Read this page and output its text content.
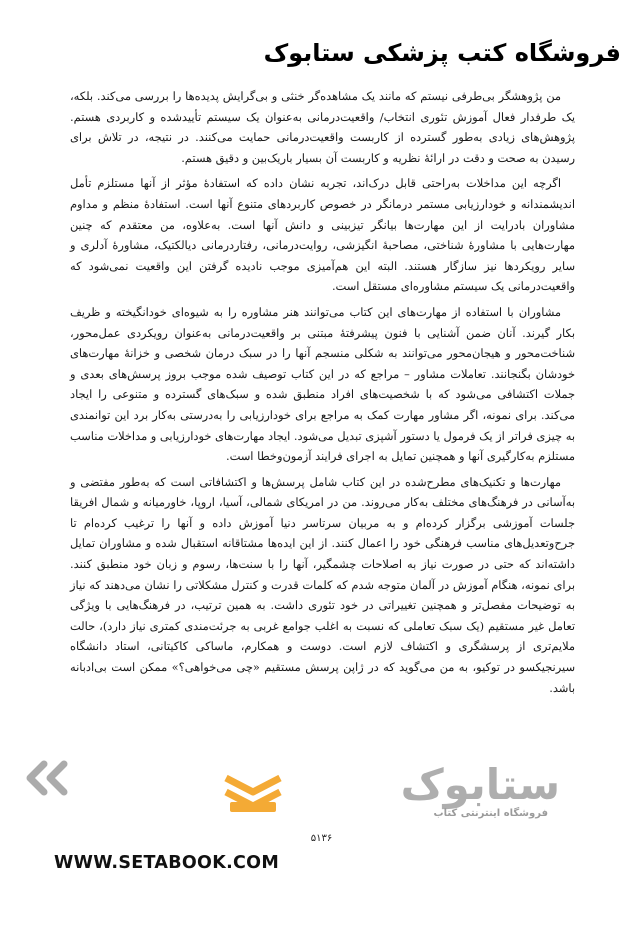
فروشگاه کتب پزشکی ستابوک

من پژوهشگر بی‌طرفی نیستم که مانند یک مشاهده‌گر خنثی و بی‌گرایش پدیده‌ها را بررسی می‌کند. بلکه، یک طرفدار فعال آموزش تئوری انتخاب/ واقعیت‌درمانی به‌عنوان یک سیستم تأییدشده و کاربردی هستم. پژوهش‌های زیادی به‌طور گسترده از کاربست واقعیت‌درمانی حمایت می‌کنند. در نتیجه، در تلاش برای رسیدن به صحت و دقت در ارائهٔ نظریه و کاربست آن بسیار باریک‌بین و دقیق هستم.

اگرچه این مداخلات به‌راحتی قابل درک‌اند، تجربه نشان داده که استفادهٔ مؤثر از آنها مستلزم تأمل اندیشمندانه و خودارزیابی مستمر درمانگر در خصوص کاربردهای متنوع آنها است. استفادهٔ منظم و مداوم مشاوران بادرایت از این مهارت‌ها بیانگر تیزبینی و دانش آنها است. به‌علاوه، من معتقدم که چنین مهارت‌هایی با مشاورهٔ شناختی، مصاحبهٔ انگیزشی، روایت‌درمانی، رفتاردرمانی دیالکتیک، مشاورهٔ آدلری و سایر رویکردها نیز سازگار هستند. البته این هم‌آمیزی موجب نادیده گرفتن این واقعیت نمی‌شود که واقعیت‌درمانی یک سیستم مشاوره‌ای مستقل است.

مشاوران با استفاده از مهارت‌های این کتاب می‌توانند هنر مشاوره را به شیوه‌ای خودانگیخته و ظریف بکار گیرند. آنان ضمن آشنایی با فنون پیشرفتهٔ مبتنی بر واقعیت‌درمانی به‌عنوان رویکردی عمل‌محور، شناخت‌محور و هیجان‌محور می‌توانند به شکلی منسجم آنها را در سبک درمان شخصی و خزانهٔ مهارت‌های خودشان بگنجانند. تعاملات مشاور – مراجع که در این کتاب توصیف شده موجب بروز پرسش‌های بعدی و جملات اکتشافی می‌شود که با شخصیت‌های افراد منطبق شده و سبک‌های گسترده و متنوعی را ایجاد می‌کند. برای نمونه، اگر مشاور مهارت کمک به مراجع برای خودارزیابی را به‌درستی به‌کار برد این توانمندی به چیزی فراتر از یک فرمول یا دستور آشپزی تبدیل می‌شود. ایجاد مهارت‌های خودارزیابی و مداخلات مناسب مستلزم به‌کارگیری آنها و همچنین تمایل به اجرای فرایند آزمون‌وخطا است.

مهارت‌ها و تکنیک‌های مطرح‌شده در این کتاب شامل پرسش‌ها و اکتشافاتی است که به‌طور مفتضی و به‌آسانی در فرهنگ‌های مختلف به‌کار می‌روند. من در امریکای شمالی، آسیا، اروپا، خاورمیانه و شمال افریقا جلسات آموزشی برگزار کرده‌ام و به مربیان سرتاسر دنیا آموزش داده و آنها را ترغیب کرده‌ام تا جرح‌وتعدیل‌های مناسب فرهنگی خود را اعمال کنند. از این ایده‌ها مشتاقانه استقبال شده و مشاوران تمایل داشته‌اند که حتی در صورت نیاز به اصلاحات چشمگیر، آنها را با سنت‌ها، رسوم و زبان خود منطبق کنند. برای نمونه، هنگام آموزش در آلمان متوجه شدم که کلمات قدرت و کنترل مشکلاتی را نشان می‌دهند که نیاز به توضیحات مفصل‌تر و همچنین تغییراتی در خود تئوری داشت. به همین ترتیب، در فرهنگ‌هایی با ویژگی تعامل غیر مستقیم (یک سبک تعاملی که نسبت به اغلب جوامع غربی به جرئت‌مندی کمتری نیاز دارد)، حالت ملایم‌تری از پرسشگری و اکتشاف لازم است. دوست و همکارم، ماساکی کاکیتانی، استاد دانشگاه سیرنجیکسو در توکیو، به من می‌گوید که در ژاپن پرسش مستقیم «چی می‌خواهی؟» ممکن است بی‌ادبانه باشد.

ستابوک
فروشگاه اینترنتی کتاب
۵۱۳۶
WWW.SETABOOK.COM
